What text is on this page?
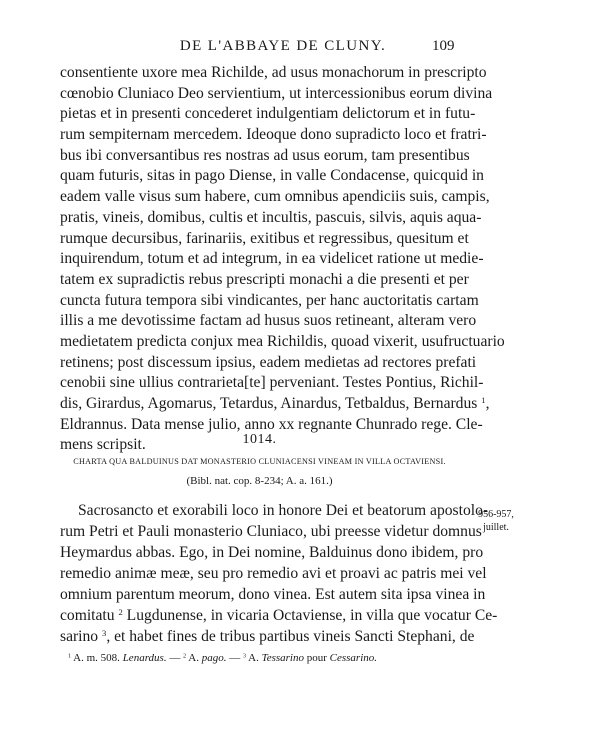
DE L'ABBAYE DE CLUNY.	109
consentiente uxore mea Richilde, ad usus monachorum in prescripto
cœnobio Cluniaco Deo servientium, ut intercessionibus eorum divina
pietas et in presenti concederet indulgentiam delictorum et in futu-
rum sempiternam mercedem. Ideoque dono supradicto loco et fratri-
bus ibi conversantibus res nostras ad usus eorum, tam presentibus
quam futuris, sitas in pago Diense, in valle Condacense, quicquid in
eadem valle visus sum habere, cum omnibus apendiciis suis, campis,
pratis, vineis, domibus, cultis et incultis, pascuis, silvis, aquis aqua-
rumque decursibus, farinariis, exitibus et regressibus, quesitum et
inquirendum, totum et ad integrum, in ea videlicet ratione ut medie-
tatem ex supradictis rebus prescripti monachi a die presenti et per
cuncta futura tempora sibi vindicantes, per hanc auctoritatis cartam
illis a me devotissime factam ad husus suos retineant, alteram vero
medietatem predicta conjux mea Richildis, quoad vixerit, usufructuario
retinens; post discessum ipsius, eadem medietas ad rectores prefati
cenobii sine ullius contrarieta[te] perveniant. Testes Pontius, Richil-
dis, Girardus, Agomarus, Tetardus, Ainardus, Tetbaldus, Bernardus $^1$,
Eldrannus. Data mense julio, anno xx regnante Chunrado rege. Cle-
mens scripsit.	1014.
CHARTA QUA BALDUINUS DAT MONASTERIO CLUNIACENSI VINEAM IN VILLA OCTAVIENSI.
(Bibl. nat. cop. 8-234; A. a. 161.)
956-957,
juillet.
Sacrosancto et exorabili loco in honore Dei et beatorum apostolo-
rum Petri et Pauli monasterio Cluniaco, ubi preesse videtur domnus
Heymardus abbas. Ego, in Dei nomine, Balduinus dono ibidem, pro
remedio animæ meæ, seu pro remedio avi et proavi ac patris mei vel
omnium parentum meorum, dono vinea. Est autem sita ipsa vinea in
comitatu $^2$ Lugdunense, in vicaria Octaviense, in villa que vocatur Ce-
sarino $^3$, et habet fines de tribus partibus vineis Sancti Stephani, de
$^1$ A. m. 508. Lenardus. — $^2$ A. pago. — $^3$ A. Tessarino pour Cessarino.
